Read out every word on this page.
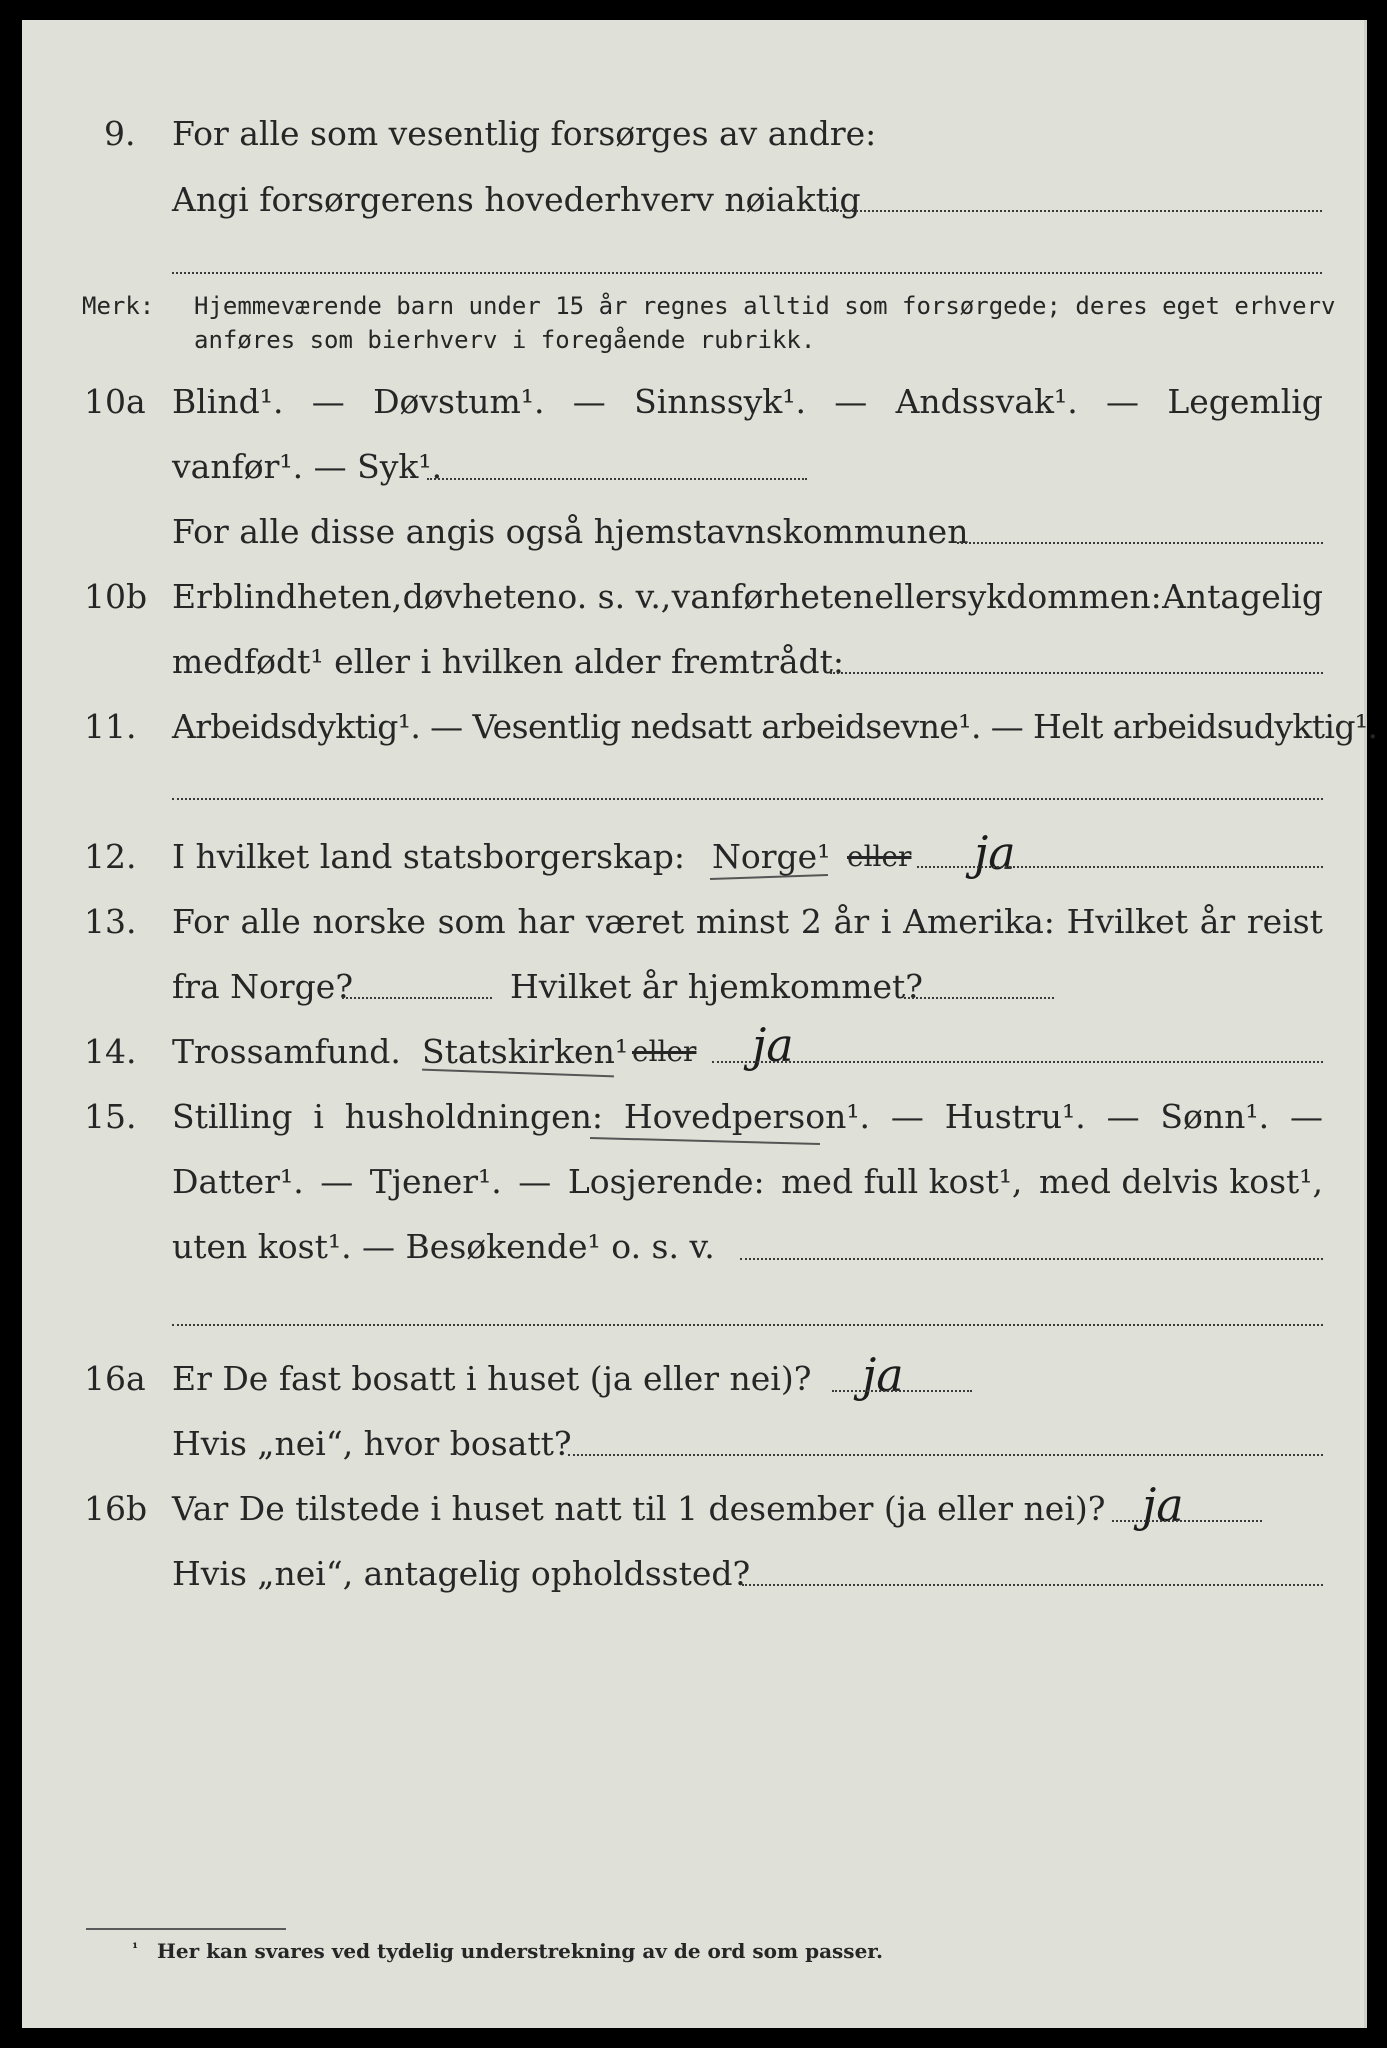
9. For alle som vesentlig forsørges av andre:
Angi forsørgerens hovederhverv nøiaktig
Merk: Hjemmeværende barn under 15 år regnes alltid som forsørgede; deres eget erhverv
anføres som bierhverv i foregående rubrikk.
10a Blind¹. — Døvstum¹. — Sinnssyk¹. — Andssvak¹. — Legemlig
vanfør¹. — Syk¹.
For alle disse angis også hjemstavnskommunen
10b Er blindheten, døvheten o. s. v., vanførheten eller sykdommen: Antagelig
medfødt¹ eller i hvilken alder fremtrådt:
11. Arbeidsdyktig¹. — Vesentlig nedsatt arbeidsevne¹. — Helt arbeidsudyktig¹.
12. I hvilket land statsborgerskap: Norge¹ eller ja
13. For alle norske som har været minst 2 år i Amerika: Hvilket år reist
fra Norge?	Hvilket år hjemkommet?
14. Trossamfund. Statskirken¹ eller ja
15. Stilling i husholdningen: Hovedperson¹. — Hustru¹. — Sønn¹. —
Datter¹. — Tjener¹. — Losjerende: med full kost¹, med delvis kost¹,
uten kost¹. — Besøkende¹ o. s. v.
16a Er De fast bosatt i huset (ja eller nei)? ja
Hvis „nei“, hvor bosatt?
16b Var De tilstede i huset natt til 1 desember (ja eller nei)? ja
Hvis „nei“, antagelig opholdssted?
¹ Her kan svares ved tydelig understrekning av de ord som passer.
